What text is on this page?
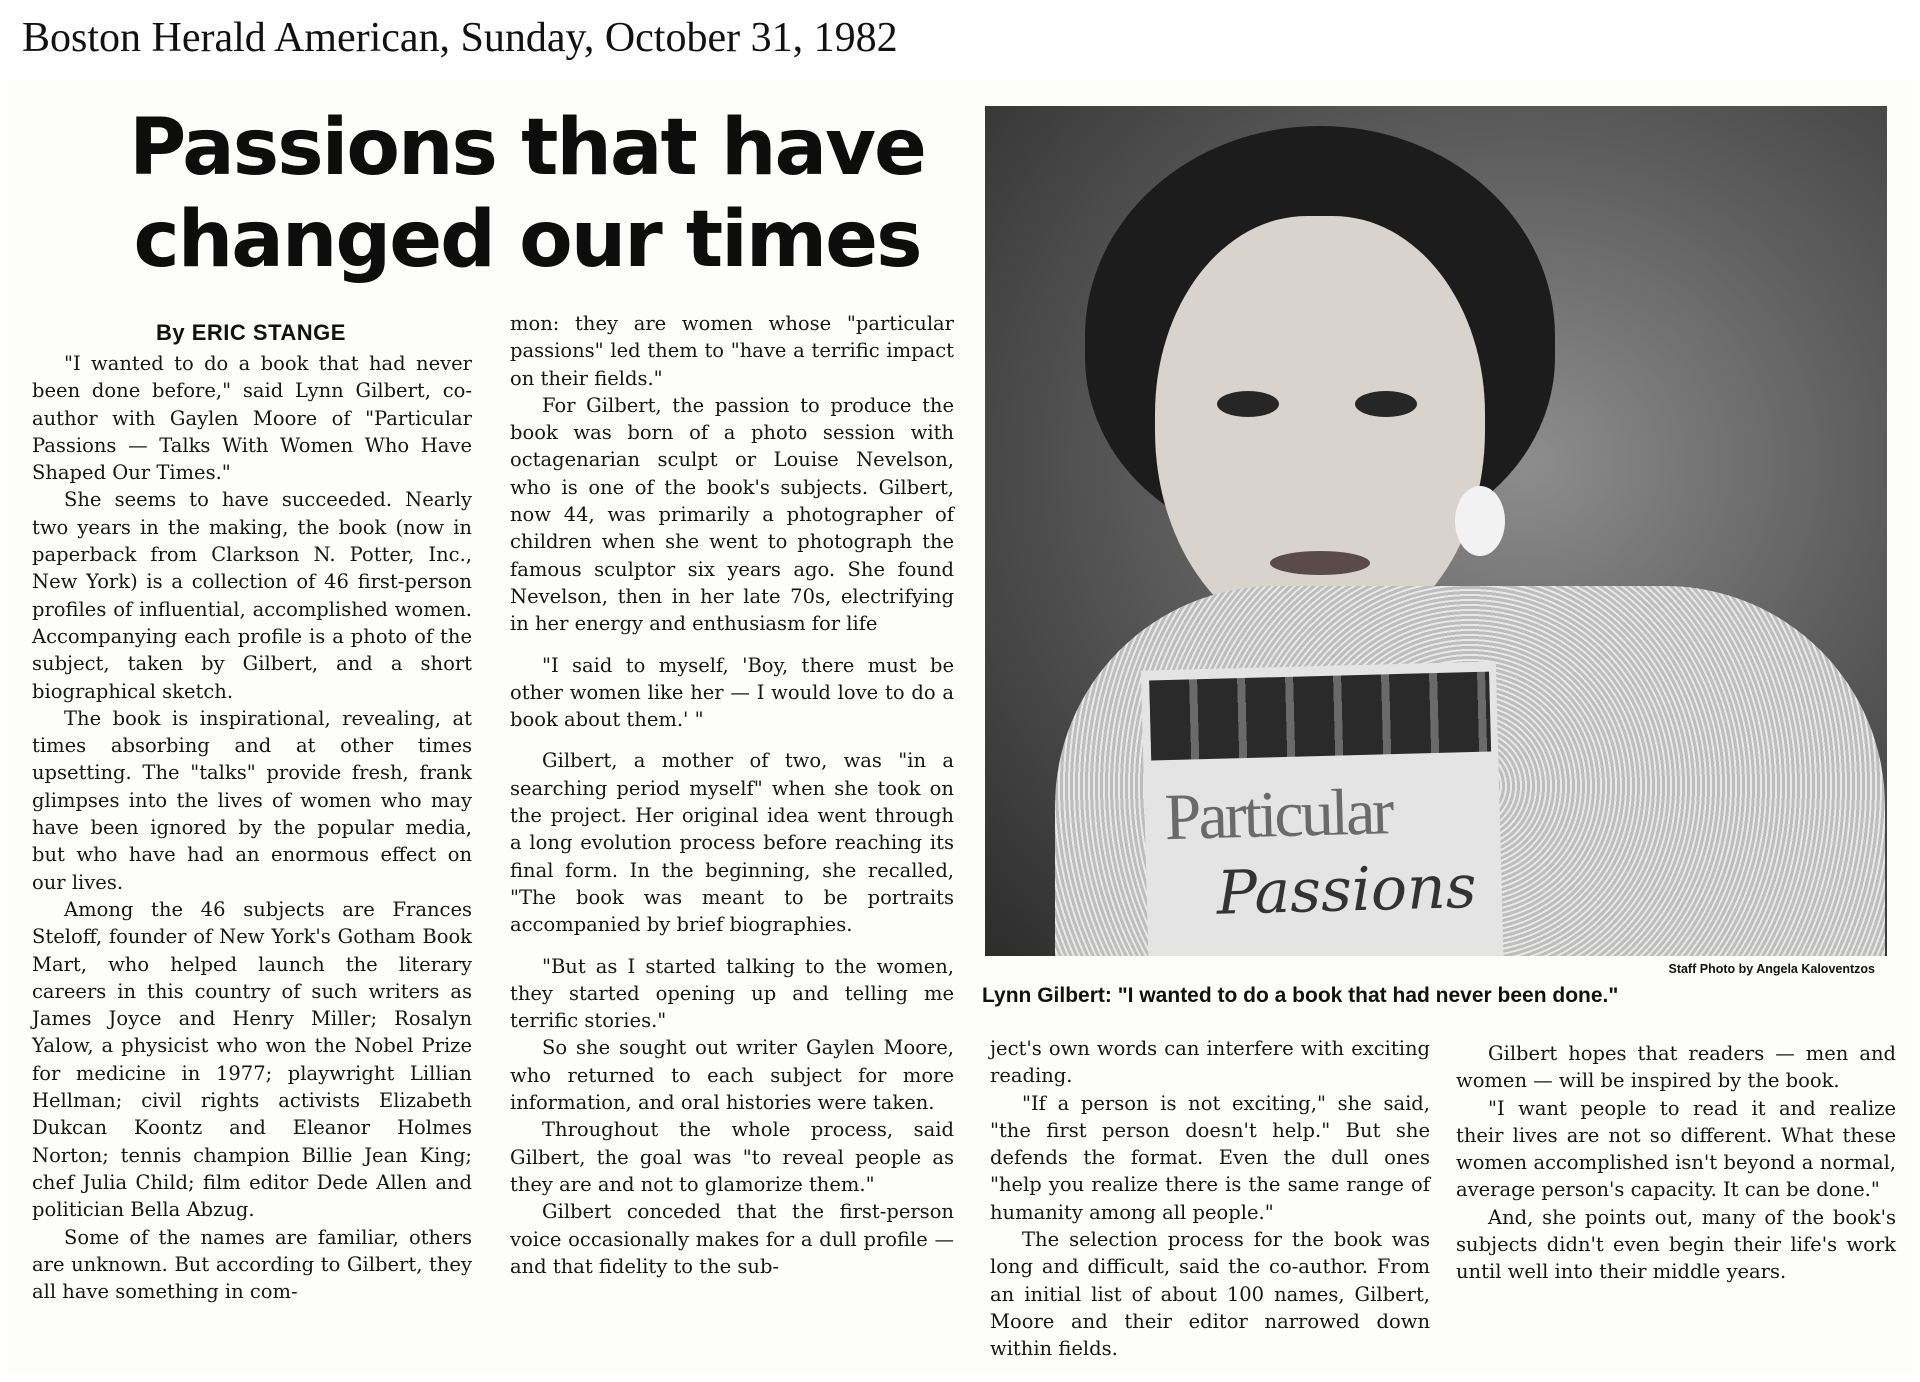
Boston Herald American, Sunday, October 31, 1982
Passions that have
changed our times
By ERIC STANGE

"I wanted to do a book that had never been done before," said Lynn Gilbert, co-author with Gaylen Moore of "Particular Passions — Talks With Women Who Have Shaped Our Times."

She seems to have succeeded. Nearly two years in the making, the book (now in paperback from Clarkson N. Potter, Inc., New York) is a collection of 46 first-person profiles of influential, accomplished women. Accompanying each profile is a photo of the subject, taken by Gilbert, and a short biographical sketch.

The book is inspirational, revealing, at times absorbing and at other times upsetting. The "talks" provide fresh, frank glimpses into the lives of women who may have been ignored by the popular media, but who have had an enormous effect on our lives.

Among the 46 subjects are Frances Steloff, founder of New York's Gotham Book Mart, who helped launch the literary careers in this country of such writers as James Joyce and Henry Miller; Rosalyn Yalow, a physicist who won the Nobel Prize for medicine in 1977; playwright Lillian Hellman; civil rights activists Elizabeth Dukcan Koontz and Eleanor Holmes Norton; tennis champion Billie Jean King; chef Julia Child; film editor Dede Allen and politician Bella Abzug.

Some of the names are familiar, others are unknown. But according to Gilbert, they all have something in com-

mon: they are women whose "particular passions" led them to "have a terrific impact on their fields."

For Gilbert, the passion to produce the book was born of a photo session with octagenarian sculpt or Louise Nevelson, who is one of the book's subjects. Gilbert, now 44, was primarily a photographer of children when she went to photograph the famous sculptor six years ago. She found Nevelson, then in her late 70s, electrifying in her energy and enthusiasm for life

"I said to myself, 'Boy, there must be other women like her — I would love to do a book about them.' "

Gilbert, a mother of two, was "in a searching period myself" when she took on the project. Her original idea went through a long evolution process before reaching its final form. In the beginning, she recalled, "The book was meant to be portraits accompanied by brief biographies.

"But as I started talking to the women, they started opening up and telling me terrific stories."

So she sought out writer Gaylen Moore, who returned to each subject for more information, and oral histories were taken.

Throughout the whole process, said Gilbert, the goal was "to reveal people as they are and not to glamorize them."

Gilbert conceded that the first-person voice occasionally makes for a dull profile — and that fidelity to the sub-

Particular
Passions
Staff Photo by Angela Kaloventzos
Lynn Gilbert: "I wanted to do a book that had never been done."

ject's own words can interfere with exciting reading.

"If a person is not exciting," she said, "the first person doesn't help." But she defends the format. Even the dull ones "help you realize there is the same range of humanity among all people."

The selection process for the book was long and difficult, said the co-author. From an initial list of about 100 names, Gilbert, Moore and their editor narrowed down within fields.

Gilbert hopes that readers — men and women — will be inspired by the book.

"I want people to read it and realize their lives are not so different. What these women accomplished isn't beyond a normal, average person's capacity. It can be done."

And, she points out, many of the book's subjects didn't even begin their life's work until well into their middle years.
